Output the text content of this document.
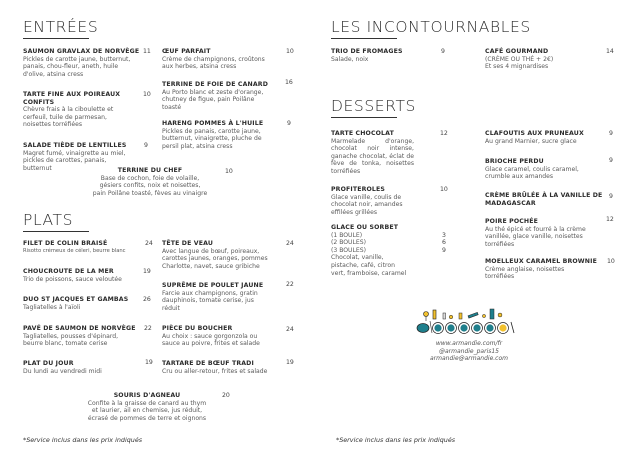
ENTRÉES
SAUMON GRAVLAX DE NORVÈGE
Pickles de carotte jaune, butternut,
panais, chou-fleur, aneth, huile
d'olive, atsina cress
11
TARTE FINE AUX POIREAUX
CONFITS
Chèvre frais à la ciboulette et
cerfeuil, tuile de parmesan,
noisettes torréfiées
10
SALADE TIÈDE DE LENTILLES
Magret fumé, vinaigrette au miel,
pickles de carottes, panais,
butternut
9
ŒUF PARFAIT
Crème de champignons, croûtons
aux herbes, atsina cress
10
TERRINE DE FOIE DE CANARD
Au Porto blanc et zeste d'orange,
chutney de figue, pain Poilâne
toasté
16
HARENG POMMES À L'HUILE
Pickles de panais, carotte jaune,
butternut, vinaigrette, pluche de
persil plat, atsina cress
9
TERRINE DU CHEF
Base de cochon, foie de volaille,
gésiers confits, noix et noisettes,
pain Poilâne toasté, fèves au vinaigre
10
PLATS
FILET DE COLIN BRAISÉ
Risotto crémeux de céleri, beurre blanc
24
CHOUCROUTE DE LA MER
Trio de poissons, sauce veloutée
19
DUO ST JACQUES ET GAMBAS
Tagliatelles à l'aïoli
26
PAVÉ DE SAUMON DE NORVÈGE
Tagliatelles, pousses d'épinard,
beurre blanc, tomate cerise
22
PLAT DU JOUR
Du lundi au vendredi midi
19
TÊTE DE VEAU
Avec langue de bœuf, poireaux,
carottes jaunes, oranges, pommes
Charlotte, navet, sauce gribiche
24
SUPRÊME DE POULET JAUNE
Farcie aux champignons, gratin
dauphinois, tomate cerise, jus
réduit
22
PIÈCE DU BOUCHER
Au choix : sauce gorgonzola ou
sauce au poivre, frites et salade
24
TARTARE DE BŒUF TRADI
Cru ou aller-retour, frites et salade
19
SOURIS D'AGNEAU
Confite à la graisse de canard au thym
et laurier, ail en chemise, jus réduit,
écrasé de pommes de terre et oignons
20
*Service inclus dans les prix indiqués
LES INCONTOURNABLES
TRIO DE FROMAGES
Salade, noix
9	CAFÉ GOURMAND
(CRÈME OU THÉ + 2€)
Et ses 4 mignardises
14
DESSERTS
TARTE CHOCOLAT
Marmelade d'orange, chocolat noir intense, ganache chocolat, éclat de fève de tonka, noisettes torréfiées
12
PROFITEROLES
Glace vanille, coulis de
chocolat noir, amandes
effilées grillées
10
GLACE OU SORBET
(1 BOULE)
(2 BOULES)
(3 BOULES)
Chocolat, vanille,
pistache, café, citron
vert, framboise, caramel
3
6
9
CLAFOUTIS AUX PRUNEAUX
Au grand Marnier, sucre glace
9
BRIOCHE PERDU
Glace caramel, coulis caramel,
crumble aux amandes
9
CRÈME BRÛLÉE À LA VANILLE DE
MADAGASCAR
9
POIRE POCHÉE
Au thé épicé et fourré à la crème
vanillée, glace vanille, noisettes
torréfiées
12
MOELLEUX CARAMEL BROWNIE
Crème anglaise, noisettes
torréfiées
10
www.armandie.com/fr
@armandie_paris15
armandie@armandie.com
*Service inclus dans les prix indiqués
